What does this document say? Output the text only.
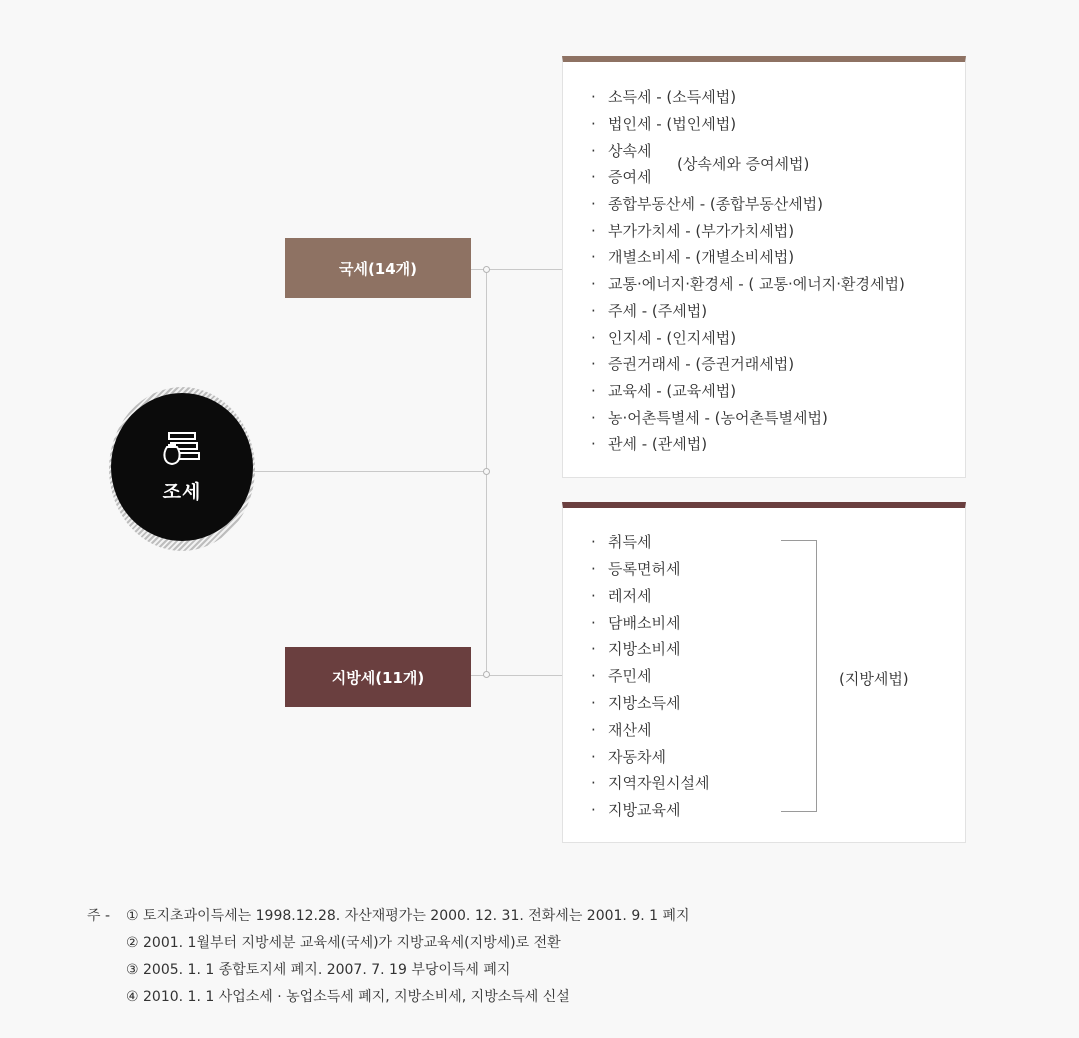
조세
국세(14개)
지방세(11개)
· 소득세 - (소득세법)
· 법인세 - (법인세법)
· 상속세
· 증여세
(상속세와 증여세법)
· 종합부동산세 - (종합부동산세법)
· 부가가치세 - (부가가치세법)
· 개별소비세 - (개별소비세법)
· 교통·에너지·환경세 - ( 교통·에너지·환경세법)
· 주세 - (주세법)
· 인지세 - (인지세법)
· 증권거래세 - (증권거래세법)
· 교육세 - (교육세법)
· 농·어촌특별세 - (농어촌특별세법)
· 관세 - (관세법)
· 취득세
· 등록면허세
· 레저세
· 담배소비세
· 지방소비세
· 주민세
· 지방소득세
· 재산세
· 자동차세
· 지역자원시설세
· 지방교육세
(지방세법)
주 - ① 토지초과이득세는 1998.12.28. 자산재평가는 2000. 12. 31. 전화세는 2001. 9. 1 폐지
② 2001. 1월부터 지방세분 교육세(국세)가 지방교육세(지방세)로 전환
③ 2005. 1. 1 종합토지세 폐지. 2007. 7. 19 부당이득세 폐지
④ 2010. 1. 1 사업소세 · 농업소득세 폐지, 지방소비세, 지방소득세 신설
